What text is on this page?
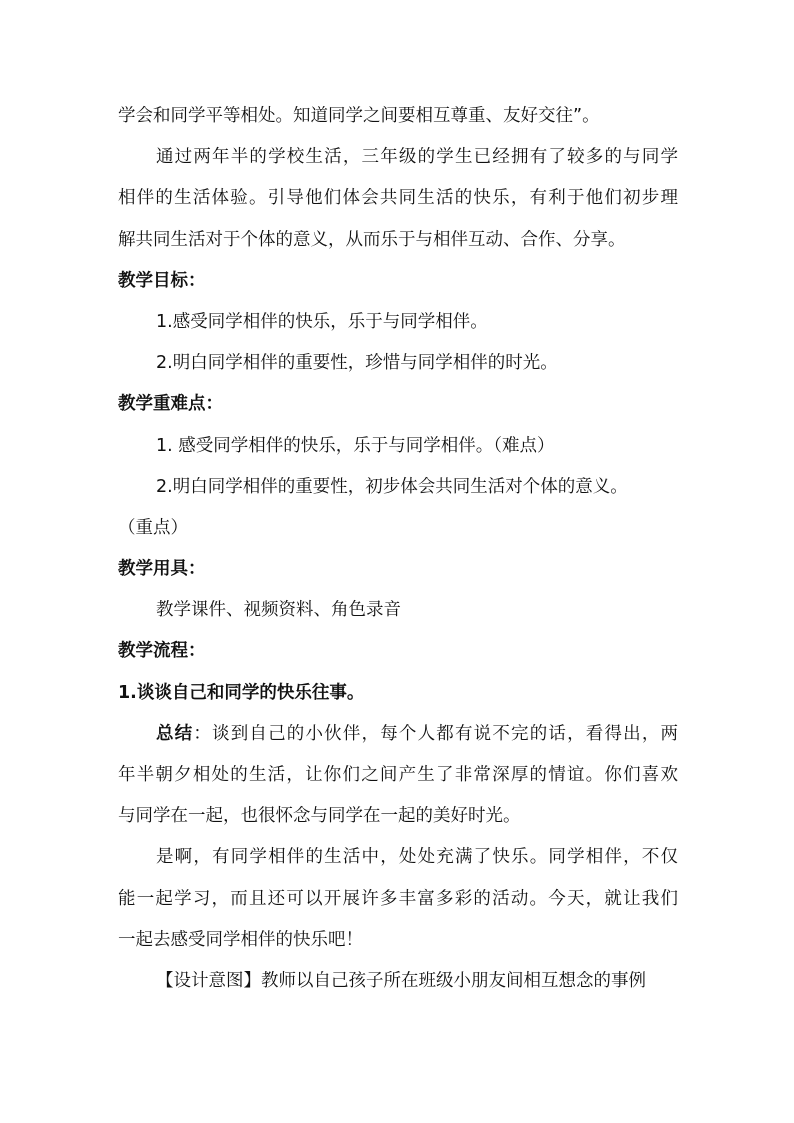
学会和同学平等相处。知道同学之间要相互尊重、友好交往”。
通过两年半的学校生活，三年级的学生已经拥有了较多的与同学
相伴的生活体验。引导他们体会共同生活的快乐，有利于他们初步理
解共同生活对于个体的意义，从而乐于与相伴互动、合作、分享。
教学目标：
1.感受同学相伴的快乐，乐于与同学相伴。
2.明白同学相伴的重要性，珍惜与同学相伴的时光。
教学重难点：
1. 感受同学相伴的快乐，乐于与同学相伴。（难点）
2.明白同学相伴的重要性，初步体会共同生活对个体的意义。
（重点）
教学用具：
教学课件、视频资料、角色录音
教学流程：
1.谈谈自己和同学的快乐往事。
总结：谈到自己的小伙伴，每个人都有说不完的话，看得出，两
年半朝夕相处的生活，让你们之间产生了非常深厚的情谊。你们喜欢
与同学在一起，也很怀念与同学在一起的美好时光。
是啊，有同学相伴的生活中，处处充满了快乐。同学相伴，不仅
能一起学习，而且还可以开展许多丰富多彩的活动。今天，就让我们
一起去感受同学相伴的快乐吧！
【设计意图】教师以自己孩子所在班级小朋友间相互想念的事例
